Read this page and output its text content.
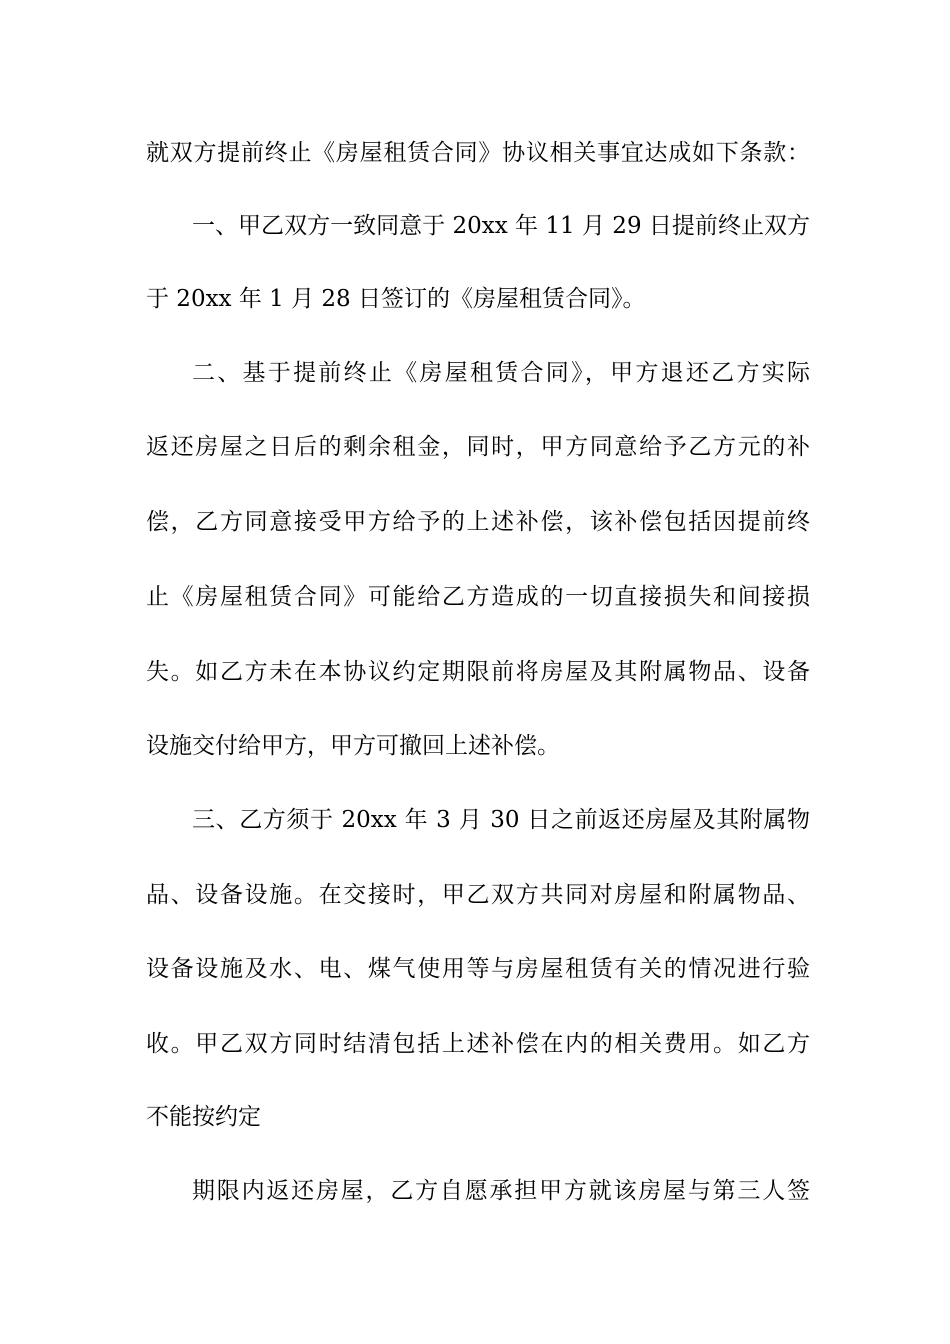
就双方提前终止《房屋租赁合同》协议相关事宜达成如下条款：
一、甲乙双方一致同意于 20xx 年 11 月 29 日提前终止双方
于 20xx 年 1 月 28 日签订的《房屋租赁合同》。
二、基于提前终止《房屋租赁合同》，甲方退还乙方实际
返还房屋之日后的剩余租金，同时，甲方同意给予乙方元的补
偿，乙方同意接受甲方给予的上述补偿，该补偿包括因提前终
止《房屋租赁合同》可能给乙方造成的一切直接损失和间接损
失。如乙方未在本协议约定期限前将房屋及其附属物品、设备
设施交付给甲方，甲方可撤回上述补偿。
三、乙方须于 20xx 年 3 月 30 日之前返还房屋及其附属物
品、设备设施。在交接时，甲乙双方共同对房屋和附属物品、
设备设施及水、电、煤气使用等与房屋租赁有关的情况进行验
收。甲乙双方同时结清包括上述补偿在内的相关费用。如乙方
不能按约定
期限内返还房屋，乙方自愿承担甲方就该房屋与第三人签
